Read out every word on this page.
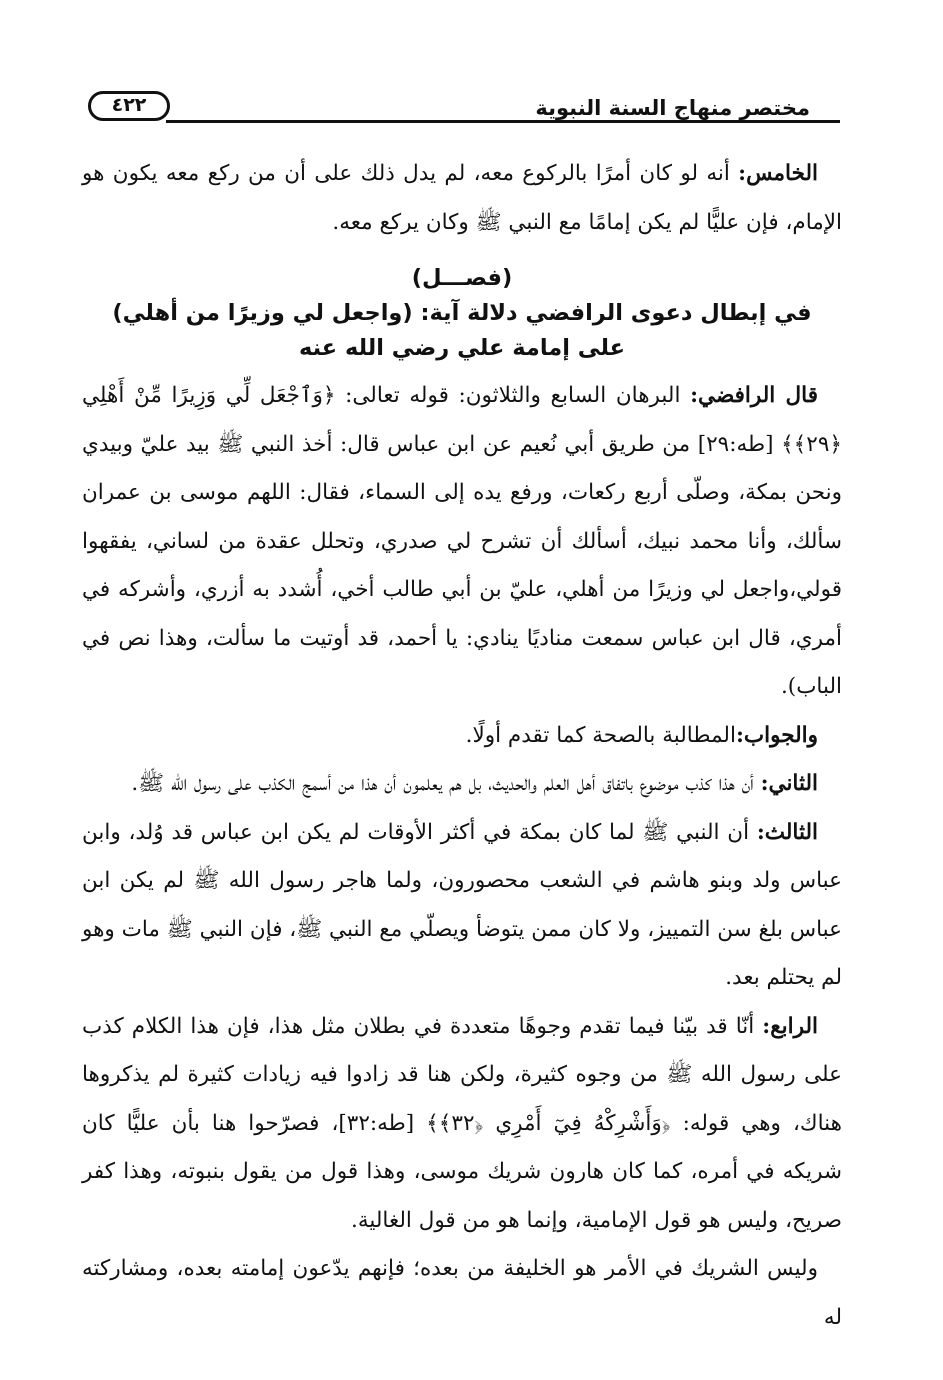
مختصر منهاج السنة النبوية
٤٢٢

الخامس: أنه لو كان أمرًا بالركوع معه، لم يدل ذلك على أن من ركع معه يكون هو الإمام، فإن عليًّا لم يكن إمامًا مع النبي ﷺ وكان يركع معه.

(فصـــل)
في إبطال دعوى الرافضي دلالة آية: (واجعل لي وزيرًا من أهلي)
على إمامة علي رضي الله عنه

قال الرافضي: البرهان السابع والثلاثون: قوله تعالى: ﴿وَٱجْعَل لِّي وَزِيرًا مِّنْ أَهْلِي ﴿٢٩﴾﴾ [طه:٢٩] من طريق أبي نُعيم عن ابن عباس قال: أخذ النبي ﷺ بيد عليّ وبيدي ونحن بمكة، وصلّى أربع ركعات، ورفع يده إلى السماء، فقال: اللهم موسى بن عمران سألك، وأنا محمد نبيك، أسألك أن تشرح لي صدري، وتحلل عقدة من لساني، يفقهوا قولي،واجعل لي وزيرًا من أهلي، عليّ بن أبي طالب أخي، أُشدد به أزري، وأشركه في أمري، قال ابن عباس سمعت مناديًا ينادي: يا أحمد، قد أوتيت ما سألت، وهذا نص في الباب).

والجواب:المطالبة بالصحة كما تقدم أولًا.

الثاني: أن هذا كذب موضوع باتفاق أهل العلم والحديث، بل هم يعلمون أن هذا من أسمج الكذب على رسول الله ﷺ.

الثالث: أن النبي ﷺ لما كان بمكة في أكثر الأوقات لم يكن ابن عباس قد وُلد، وابن عباس ولد وبنو هاشم في الشعب محصورون، ولما هاجر رسول الله ﷺ لم يكن ابن عباس بلغ سن التمييز، ولا كان ممن يتوضأ ويصلّي مع النبي ﷺ، فإن النبي ﷺ مات وهو لم يحتلم بعد.

الرابع: أنّا قد بيّنا فيما تقدم وجوهًا متعددة في بطلان مثل هذا، فإن هذا الكلام كذب على رسول الله ﷺ من وجوه كثيرة، ولكن هنا قد زادوا فيه زيادات كثيرة لم يذكروها هناك، وهي قوله: ﴿وَأَشْرِكْهُ فِيٓ أَمْرِي ﴿٣٢﴾﴾ [طه:٣٢]، فصرّحوا هنا بأن عليًّا كان شريكه في أمره، كما كان هارون شريك موسى، وهذا قول من يقول بنبوته، وهذا كفر صريح، وليس هو قول الإمامية، وإنما هو من قول الغالية.

وليس الشريك في الأمر هو الخليفة من بعده؛ فإنهم يدّعون إمامته بعده، ومشاركته له
